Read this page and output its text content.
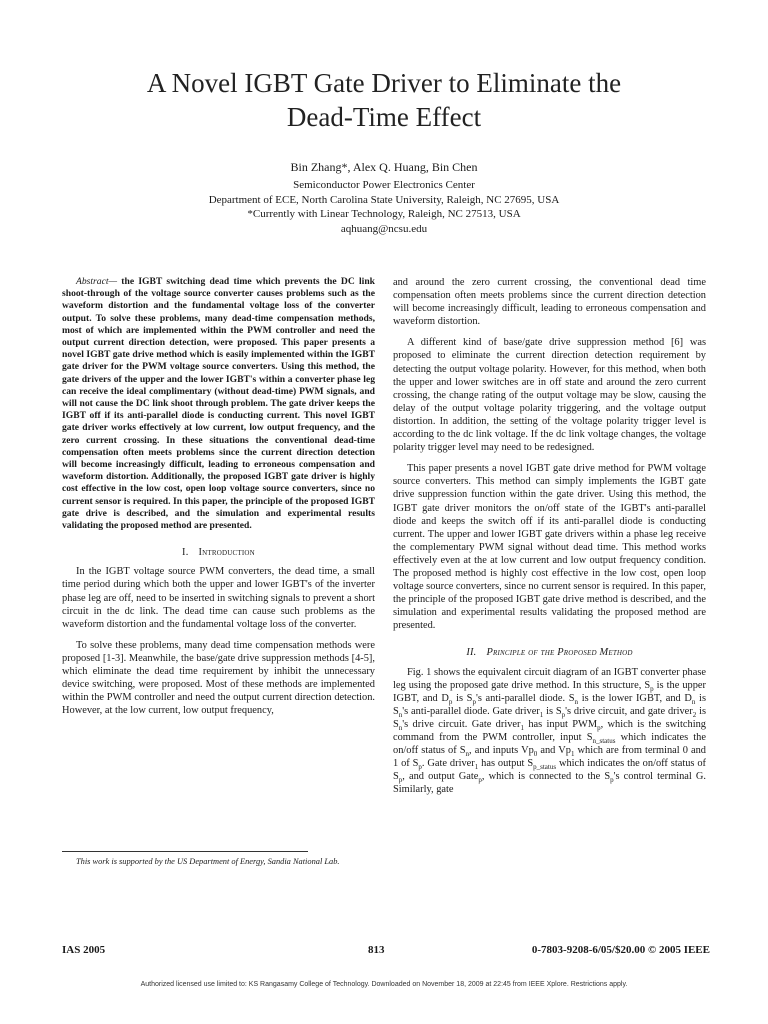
A Novel IGBT Gate Driver to Eliminate the
Dead-Time Effect
Bin Zhang*, Alex Q. Huang, Bin Chen
Semiconductor Power Electronics Center
Department of ECE, North Carolina State University, Raleigh, NC 27695, USA
*Currently with Linear Technology, Raleigh, NC 27513, USA
aqhuang@ncsu.edu

Abstract— the IGBT switching dead time which prevents the DC link shoot-through of the voltage source converter causes problems such as the waveform distortion and the fundamental voltage loss of the converter output. To solve these problems, many dead-time compensation methods, most of which are implemented within the PWM controller and need the output current direction detection, were proposed. This paper presents a novel IGBT gate drive method which is easily implemented within the IGBT gate driver for the PWM voltage source converters. Using this method, the gate drivers of the upper and the lower IGBT's within a converter phase leg can receive the ideal complimentary (without dead-time) PWM signals, and will not cause the DC link shoot through problem. The gate driver keeps the IGBT off if its anti-parallel diode is conducting current. This novel IGBT gate driver works effectively at low current, low output frequency, and the zero current crossing. In these situations the conventional dead-time compensation often meets problems since the current direction detection will become increasingly difficult, leading to erroneous compensation and waveform distortion. Additionally, the proposed IGBT gate driver is highly cost effective in the low cost, open loop voltage source converters, since no current sensor is required. In this paper, the principle of the proposed IGBT gate drive is described, and the simulation and experimental results validating the proposed method are presented.

I. Introduction

In the IGBT voltage source PWM converters, the dead time, a small time period during which both the upper and lower IGBT's of the inverter phase leg are off, need to be inserted in switching signals to prevent a short circuit in the dc link. The dead time can cause such problems as the waveform distortion and the fundamental voltage loss of the converter.

To solve these problems, many dead time compensation methods were proposed [1-3]. Meanwhile, the base/gate drive suppression methods [4-5], which eliminate the dead time requirement by inhibit the unnecessary device switching, were proposed. Most of these methods are implemented within the PWM controller and need the output current direction detection. However, at the low current, low output frequency,

This work is supported by the US Department of Energy, Sandia National Lab.

and around the zero current crossing, the conventional dead time compensation often meets problems since the current direction detection will become increasingly difficult, leading to erroneous compensation and waveform distortion.

A different kind of base/gate drive suppression method [6] was proposed to eliminate the current direction detection requirement by detecting the output voltage polarity. However, for this method, when both the upper and lower switches are in off state and around the zero current crossing, the change rating of the output voltage may be slow, causing the delay of the output voltage polarity triggering, and the voltage output distortion. In addition, the setting of the voltage polarity trigger level is according to the dc link voltage. If the dc link voltage changes, the voltage polarity trigger level may need to be redesigned.

This paper presents a novel IGBT gate drive method for PWM voltage source converters. This method can simply implements the IGBT gate drive suppression function within the gate driver. Using this method, the IGBT gate driver monitors the on/off state of the IGBT's anti-parallel diode and keeps the switch off if its anti-parallel diode is conducting current. The upper and lower IGBT gate drivers within a phase leg receive the complementary PWM signal without dead time. This method works effectively even at the at low current and low output frequency condition. The proposed method is highly cost effective in the low cost, open loop voltage source converters, since no current sensor is required. In this paper, the principle of the proposed IGBT gate drive method is described, and the simulation and experimental results validating the proposed method are presented.

II. Principle of the Proposed Method

Fig. 1 shows the equivalent circuit diagram of an IGBT converter phase leg using the proposed gate drive method. In this structure, $S_p$ is the upper IGBT, and $D_p$ is $S_p's$ anti-parallel diode. $S_n$ is the lower IGBT, and $D_n$ is $S_n's$ anti-parallel diode. Gate driver$_1$ is $S_p's$ drive circuit, and gate driver$_2$ is $S_n's$ drive circuit. Gate driver$_1$ has input $PWM_p$, which is the switching command from the PWM controller, input $S_{n\_status}$ which indicates the on/off status of $S_n$, and inputs $Vp_0$ and $Vp_1$ which are from terminal 0 and 1 of $S_p$. Gate driver$_1$ has output $S_{p\_status}$ which indicates the on/off status of $S_p$, and output Gate$_p$, which is connected to the $S_p's$ control terminal G. Similarly, gate

IAS 2005	813	0-7803-9208-6/05/$20.00 © 2005 IEEE
Authorized licensed use limited to: KS Rangasamy College of Technology. Downloaded on November 18, 2009 at 22:45 from IEEE Xplore. Restrictions apply.
